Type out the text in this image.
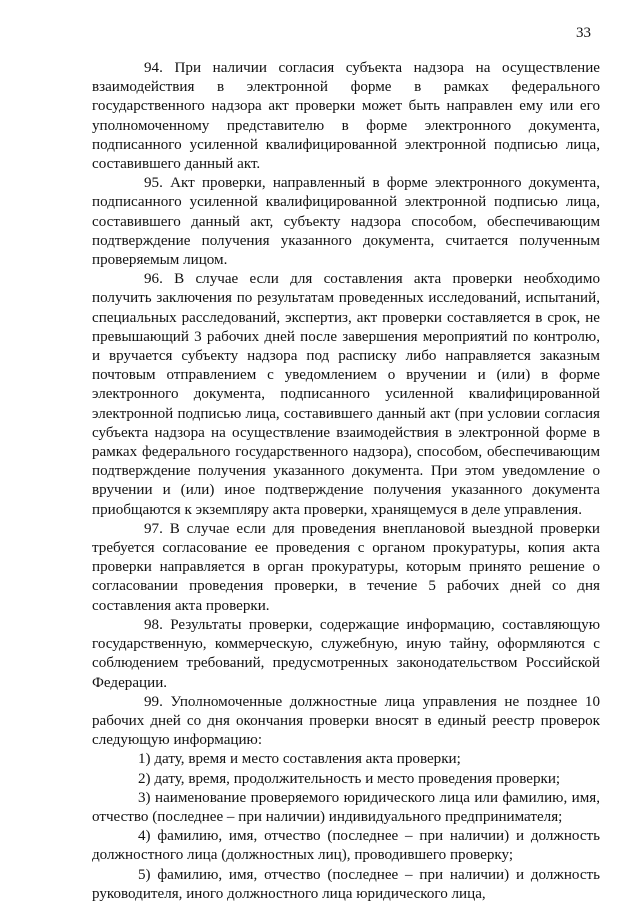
33

94. При наличии согласия субъекта надзора на осуществление взаимодействия в электронной форме в рамках федерального государственного надзора акт проверки может быть направлен ему или его уполномоченному представителю в форме электронного документа, подписанного усиленной квалифицированной электронной подписью лица, составившего данный акт.

95. Акт проверки, направленный в форме электронного документа, подписанного усиленной квалифицированной электронной подписью лица, составившего данный акт, субъекту надзора способом, обеспечивающим подтверждение получения указанного документа, считается полученным проверяемым лицом.

96. В случае если для составления акта проверки необходимо получить заключения по результатам проведенных исследований, испытаний, специальных расследований, экспертиз, акт проверки составляется в срок, не превышающий 3 рабочих дней после завершения мероприятий по контролю, и вручается субъекту надзора под расписку либо направляется заказным почтовым отправлением с уведомлением о вручении и (или) в форме электронного документа, подписанного усиленной квалифицированной электронной подписью лица, составившего данный акт (при условии согласия субъекта надзора на осуществление взаимодействия в электронной форме в рамках федерального государственного надзора), способом, обеспечивающим подтверждение получения указанного документа. При этом уведомление о вручении и (или) иное подтверждение получения указанного документа приобщаются к экземпляру акта проверки, хранящемуся в деле управления.

97. В случае если для проведения внеплановой выездной проверки требуется согласование ее проведения с органом прокуратуры, копия акта проверки направляется в орган прокуратуры, которым принято решение о согласовании проведения проверки, в течение 5 рабочих дней со дня составления акта проверки.

98. Результаты проверки, содержащие информацию, составляющую государственную, коммерческую, служебную, иную тайну, оформляются с соблюдением требований, предусмотренных законодательством Российской Федерации.

99. Уполномоченные должностные лица управления не позднее 10 рабочих дней со дня окончания проверки вносят в единый реестр проверок следующую информацию:

1) дату, время и место составления акта проверки;

2) дату, время, продолжительность и место проведения проверки;

3) наименование проверяемого юридического лица или фамилию, имя, отчество (последнее – при наличии) индивидуального предпринимателя;

4) фамилию, имя, отчество (последнее – при наличии) и должность должностного лица (должностных лиц), проводившего проверку;

5) фамилию, имя, отчество (последнее – при наличии) и должность руководителя, иного должностного лица юридического лица,
